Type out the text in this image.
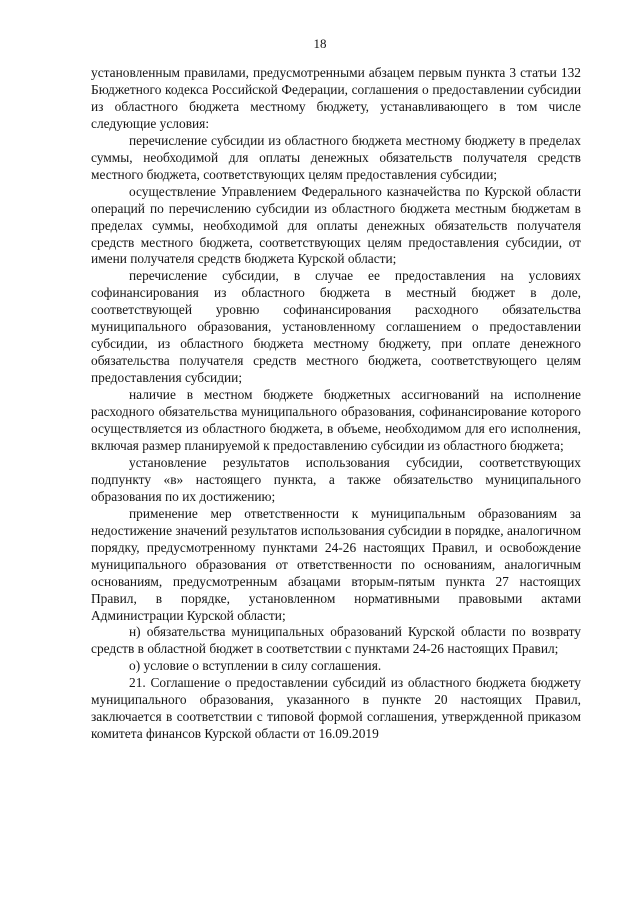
18

установленным правилами, предусмотренными абзацем первым пункта 3 статьи 132 Бюджетного кодекса Российской Федерации, соглашения о предоставлении субсидии из областного бюджета местному бюджету, устанавливающего в том числе следующие условия:

перечисление субсидии из областного бюджета местному бюджету в пределах суммы, необходимой для оплаты денежных обязательств получателя средств местного бюджета, соответствующих целям предоставления субсидии;

осуществление Управлением Федерального казначейства по Курской области операций по перечислению субсидии из областного бюджета местным бюджетам в пределах суммы, необходимой для оплаты денежных обязательств получателя средств местного бюджета, соответствующих целям предоставления субсидии, от имени получателя средств бюджета Курской области;

перечисление субсидии, в случае ее предоставления на условиях софинансирования из областного бюджета в местный бюджет в доле, соответствующей уровню софинансирования расходного обязательства муниципального образования, установленному соглашением о предоставлении субсидии, из областного бюджета местному бюджету, при оплате денежного обязательства получателя средств местного бюджета, соответствующего целям предоставления субсидии;

наличие в местном бюджете бюджетных ассигнований на исполнение расходного обязательства муниципального образования, софинансирование которого осуществляется из областного бюджета, в объеме, необходимом для его исполнения, включая размер планируемой к предоставлению субсидии из областного бюджета;

установление результатов использования субсидии, соответствующих подпункту «в» настоящего пункта, а также обязательство муниципального образования по их достижению;

применение мер ответственности к муниципальным образованиям за недостижение значений результатов использования субсидии в порядке, аналогичном порядку, предусмотренному пунктами 24-26 настоящих Правил, и освобождение муниципального образования от ответственности по основаниям, аналогичным основаниям, предусмотренным абзацами вторым-пятым пункта 27 настоящих Правил, в порядке, установленном нормативными правовыми актами Администрации Курской области;

н) обязательства муниципальных образований Курской области по возврату средств в областной бюджет в соответствии с пунктами 24-26 настоящих Правил;

о) условие о вступлении в силу соглашения.

21. Соглашение о предоставлении субсидий из областного бюджета бюджету муниципального образования, указанного в пункте 20 настоящих Правил, заключается в соответствии с типовой формой соглашения, утвержденной приказом комитета финансов Курской области от 16.09.2019
